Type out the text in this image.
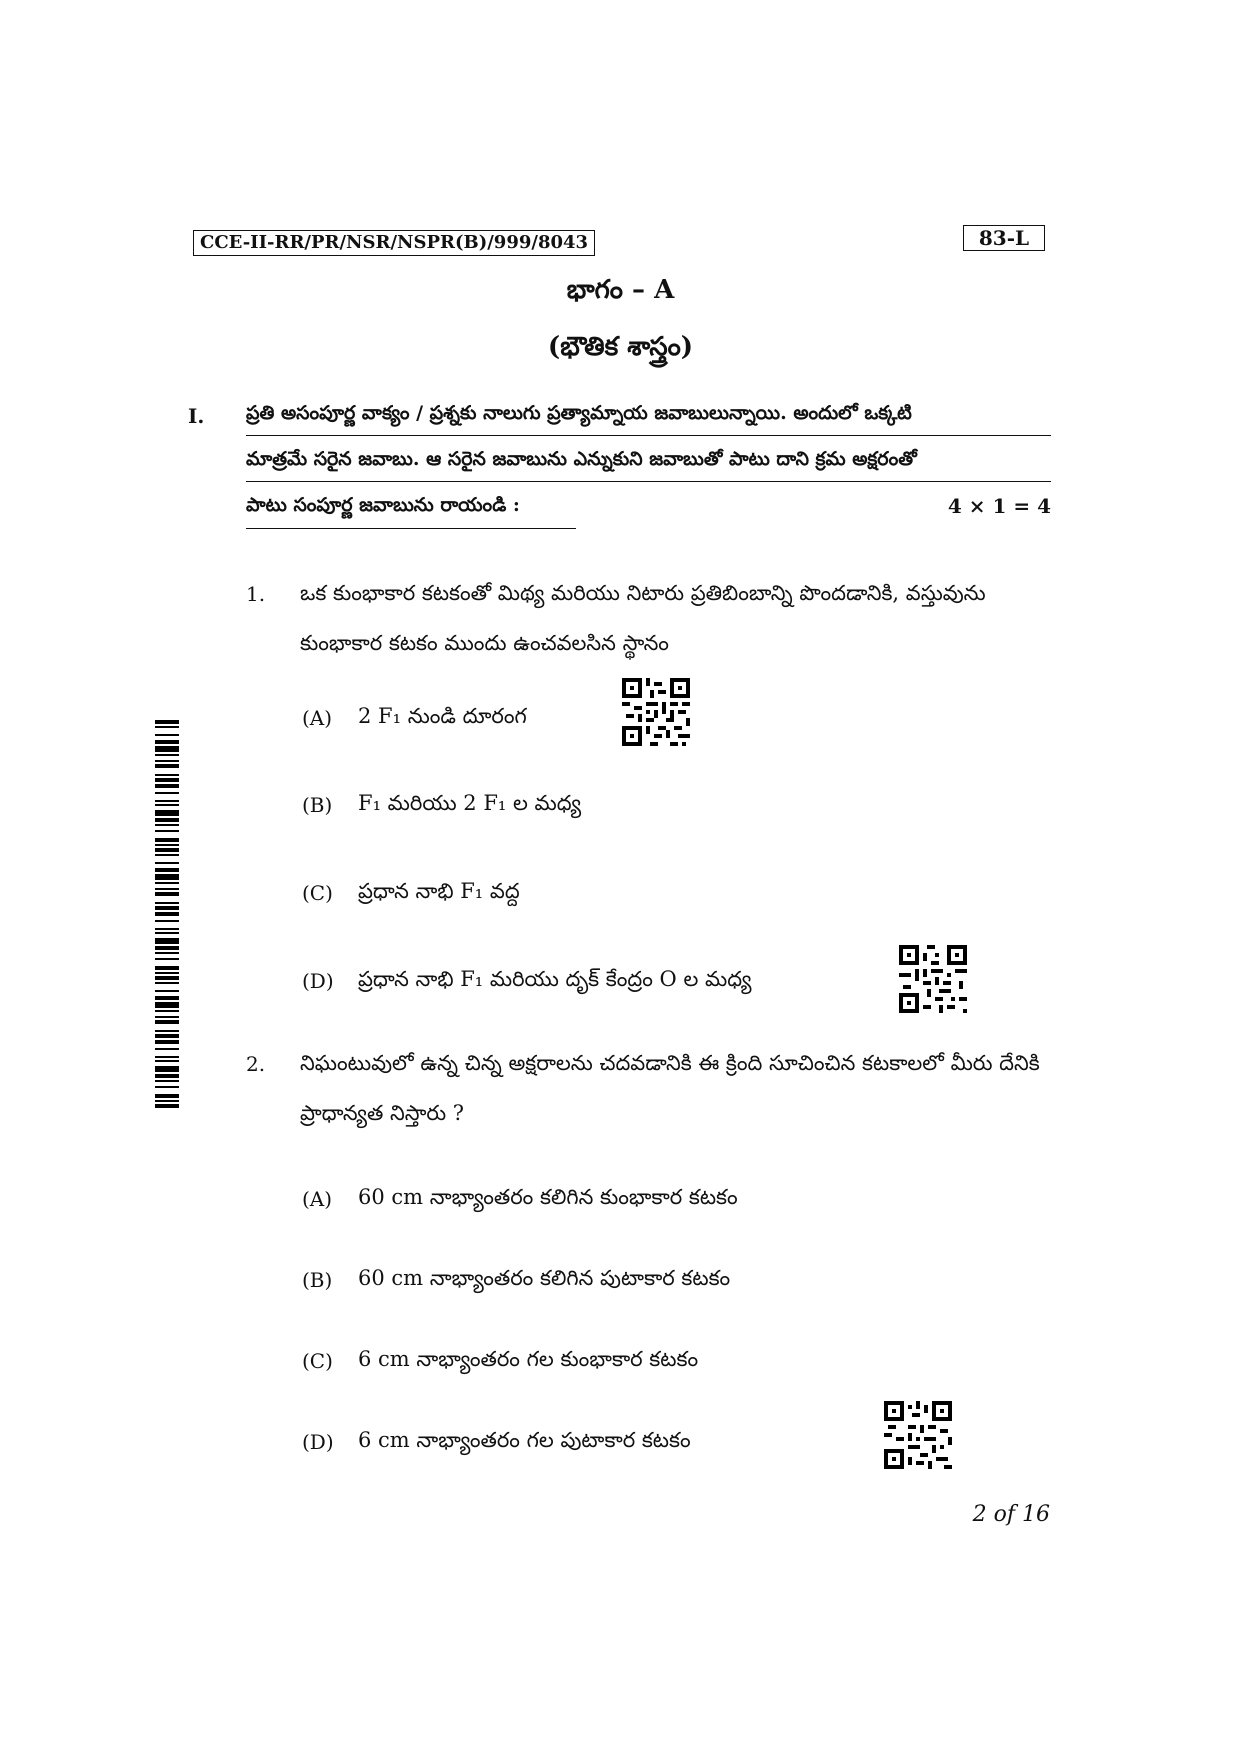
CCE-II-RR/PR/NSR/NSPR(B)/999/8043	83-L
భాగం – A
(భౌతిక శాస్త్రం)
I. ప్రతి అసంపూర్ణ వాక్యం / ప్రశ్నకు నాలుగు ప్రత్యామ్నాయ జవాబులున్నాయి. అందులో ఒక్కటి
మాత్రమే సరైన జవాబు. ఆ సరైన జవాబును ఎన్నుకుని జవాబుతో పాటు దాని క్రమ అక్షరంతో
పాటు సంపూర్ణ జవాబును రాయండి :	4 × 1 = 4
1. ఒక కుంభాకార కటకంతో మిథ్య మరియు నిటారు ప్రతిబింబాన్ని పొందడానికి, వస్తువును కుంభాకార కటకం ముందు ఉంచవలసిన స్థానం
(A) 2 F₁ నుండి దూరంగ
(B) F₁ మరియు 2 F₁ ల మధ్య
(C) ప్రధాన నాభి F₁ వద్ద
(D) ప్రధాన నాభి F₁ మరియు దృక్ కేంద్రం O ల మధ్య
2. నిఘంటువులో ఉన్న చిన్న అక్షరాలను చదవడానికి ఈ క్రింది సూచించిన కటకాలలో మీరు దేనికి ప్రాధాన్యత నిస్తారు ?
(A) 60 cm నాభ్యాంతరం కలిగిన కుంభాకార కటకం
(B) 60 cm నాభ్యాంతరం కలిగిన పుటాకార కటకం
(C) 6 cm నాభ్యాంతరం గల కుంభాకార కటకం
(D) 6 cm నాభ్యాంతరం గల పుటాకార కటకం
2 of 16
